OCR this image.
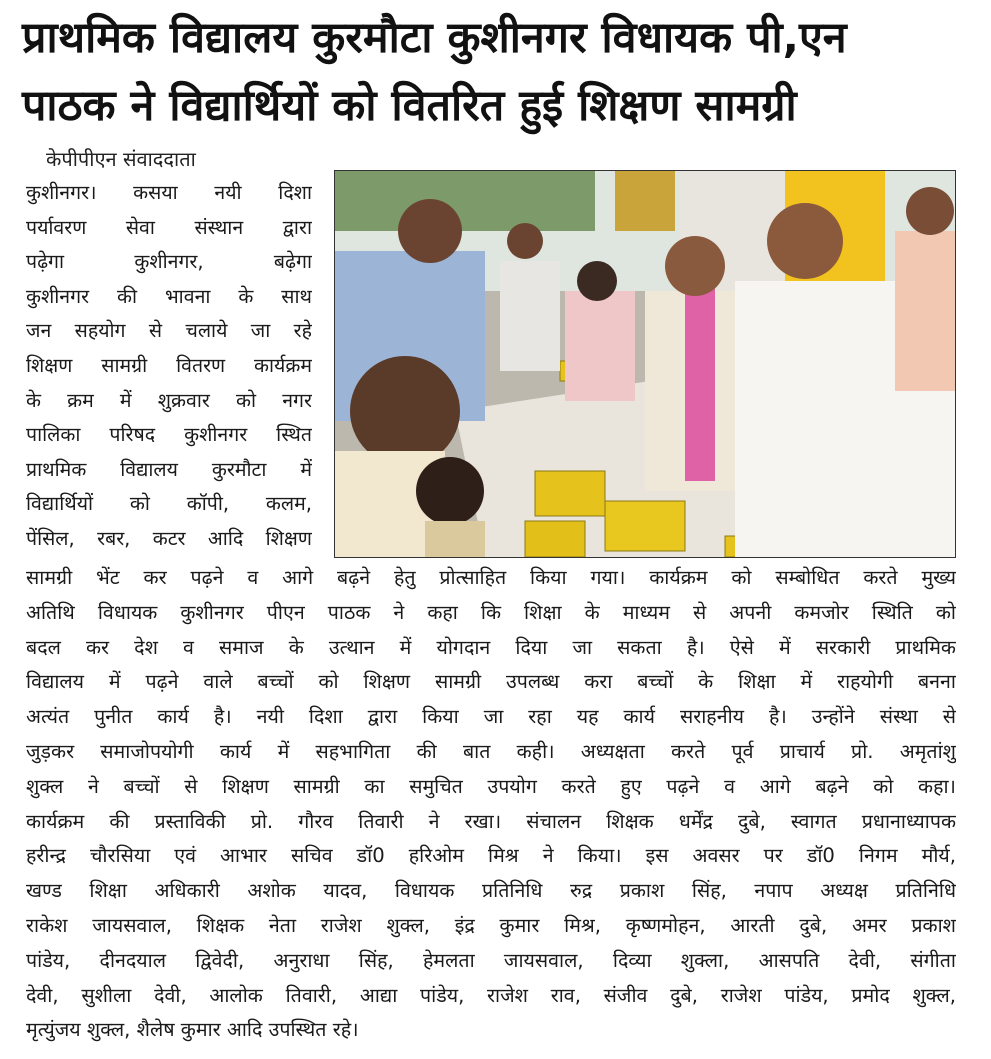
प्राथमिक विद्यालय कुरमौटा कुशीनगर विधायक पी,एन
पाठक ने विद्यार्थियों को वितरित हुई शिक्षण सामग्री
केपीपीएन संवाददाता
कुशीनगर। कसया नयी दिशा
पर्यावरण सेवा संस्थान द्वारा
पढ़ेगा कुशीनगर, बढ़ेगा
कुशीनगर की भावना के साथ
जन सहयोग से चलाये जा रहे
शिक्षण सामग्री वितरण कार्यक्रम
के क्रम में शुक्रवार को नगर
पालिका परिषद कुशीनगर स्थित
प्राथमिक विद्यालय कुरमौटा में
विद्यार्थियों को कॉपी, कलम,
पेंसिल, रबर, कटर आदि शिक्षण
सामग्री भेंट कर पढ़ने व आगे बढ़ने हेतु प्रोत्साहित किया गया। कार्यक्रम को सम्बोधित करते मुख्य
अतिथि विधायक कुशीनगर पीएन पाठक ने कहा कि शिक्षा के माध्यम से अपनी कमजोर स्थिति को
बदल कर देश व समाज के उत्थान में योगदान दिया जा सकता है। ऐसे में सरकारी प्राथमिक
विद्यालय में पढ़ने वाले बच्चों को शिक्षण सामग्री उपलब्ध करा बच्चों के शिक्षा में राहयोगी बनना
अत्यंत पुनीत कार्य है। नयी दिशा द्वारा किया जा रहा यह कार्य सराहनीय है। उन्होंने संस्था से
जुड़कर समाजोपयोगी कार्य में सहभागिता की बात कही। अध्यक्षता करते पूर्व प्राचार्य प्रो. अमृतांशु
शुक्ल ने बच्चों से शिक्षण सामग्री का समुचित उपयोग करते हुए पढ़ने व आगे बढ़ने को कहा।
कार्यक्रम की प्रस्ताविकी प्रो. गौरव तिवारी ने रखा। संचालन शिक्षक धर्मेंद्र दुबे, स्वागत प्रधानाध्यापक
हरीन्द्र चौरसिया एवं आभार सचिव डॉ0 हरिओम मिश्र ने किया। इस अवसर पर डॉ0 निगम मौर्य,
खण्ड शिक्षा अधिकारी अशोक यादव, विधायक प्रतिनिधि रुद्र प्रकाश सिंह, नपाप अध्यक्ष प्रतिनिधि
राकेश जायसवाल, शिक्षक नेता राजेश शुक्ल, इंद्र कुमार मिश्र, कृष्णमोहन, आरती दुबे, अमर प्रकाश
पांडेय, दीनदयाल द्विवेदी, अनुराधा सिंह, हेमलता जायसवाल, दिव्या शुक्ला, आसपति देवी, संगीता
देवी, सुशीला देवी, आलोक तिवारी, आद्या पांडेय, राजेश राव, संजीव दुबे, राजेश पांडेय, प्रमोद शुक्ल,
मृत्युंजय शुक्ल, शैलेष कुमार आदि उपस्थित रहे।
